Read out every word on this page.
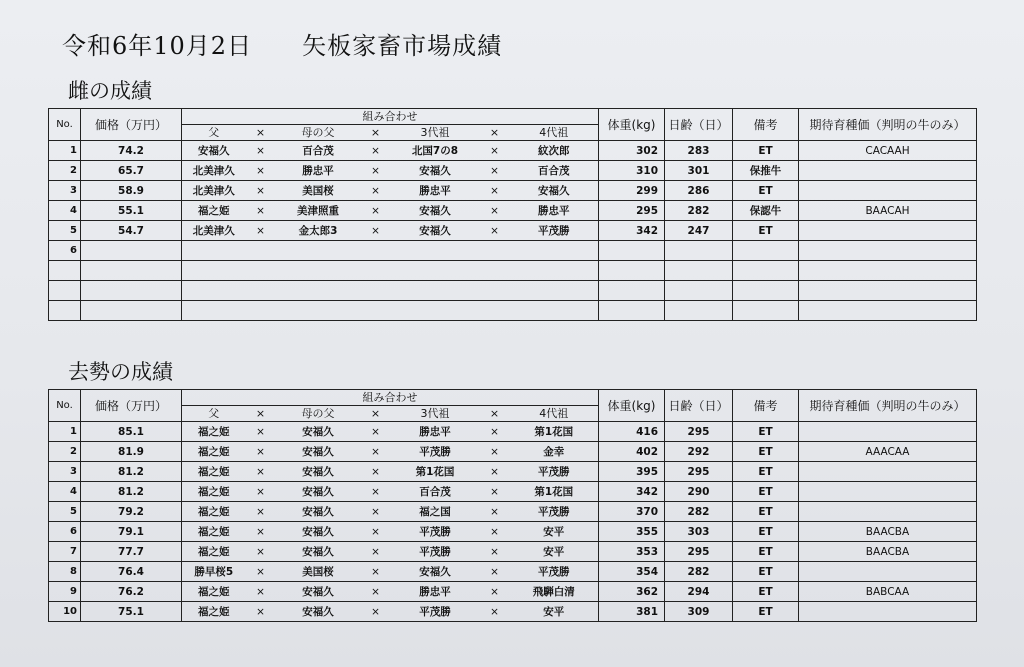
令和6年10月2日　　矢板家畜市場成績
雌の成績
No.	価格（万円）	組み合わせ							体重(kg)	日齢（日）	備考	期待育種価（判明の牛のみ）
		父	×	母の父	×	3代祖	×	4代祖				
1	74.2	安福久	×	百合茂	×	北国7の8	×	紋次郎	302	283	ET	CACAAH
2	65.7	北美津久	×	勝忠平	×	安福久	×	百合茂	310	301	保推牛	
3	58.9	北美津久	×	美国桜	×	勝忠平	×	安福久	299	286	ET	
4	55.1	福之姫	×	美津照重	×	安福久	×	勝忠平	295	282	保認牛	BAACAH
5	54.7	北美津久	×	金太郎3	×	安福久	×	平茂勝	342	247	ET	
6												

去勢の成績
No.	価格（万円）	組み合わせ							体重(kg)	日齢（日）	備考	期待育種価（判明の牛のみ）
		父	×	母の父	×	3代祖	×	4代祖				
1	85.1	福之姫	×	安福久	×	勝忠平	×	第1花国	416	295	ET	
2	81.9	福之姫	×	安福久	×	平茂勝	×	金幸	402	292	ET	AAACAA
3	81.2	福之姫	×	安福久	×	第1花国	×	平茂勝	395	295	ET	
4	81.2	福之姫	×	安福久	×	百合茂	×	第1花国	342	290	ET	
5	79.2	福之姫	×	安福久	×	福之国	×	平茂勝	370	282	ET	
6	79.1	福之姫	×	安福久	×	平茂勝	×	安平	355	303	ET	BAACBA
7	77.7	福之姫	×	安福久	×	平茂勝	×	安平	353	295	ET	BAACBA
8	76.4	勝早桜5	×	美国桜	×	安福久	×	平茂勝	354	282	ET	
9	76.2	福之姫	×	安福久	×	勝忠平	×	飛騨白清	362	294	ET	BABCAA
10	75.1	福之姫	×	安福久	×	平茂勝	×	安平	381	309	ET	
